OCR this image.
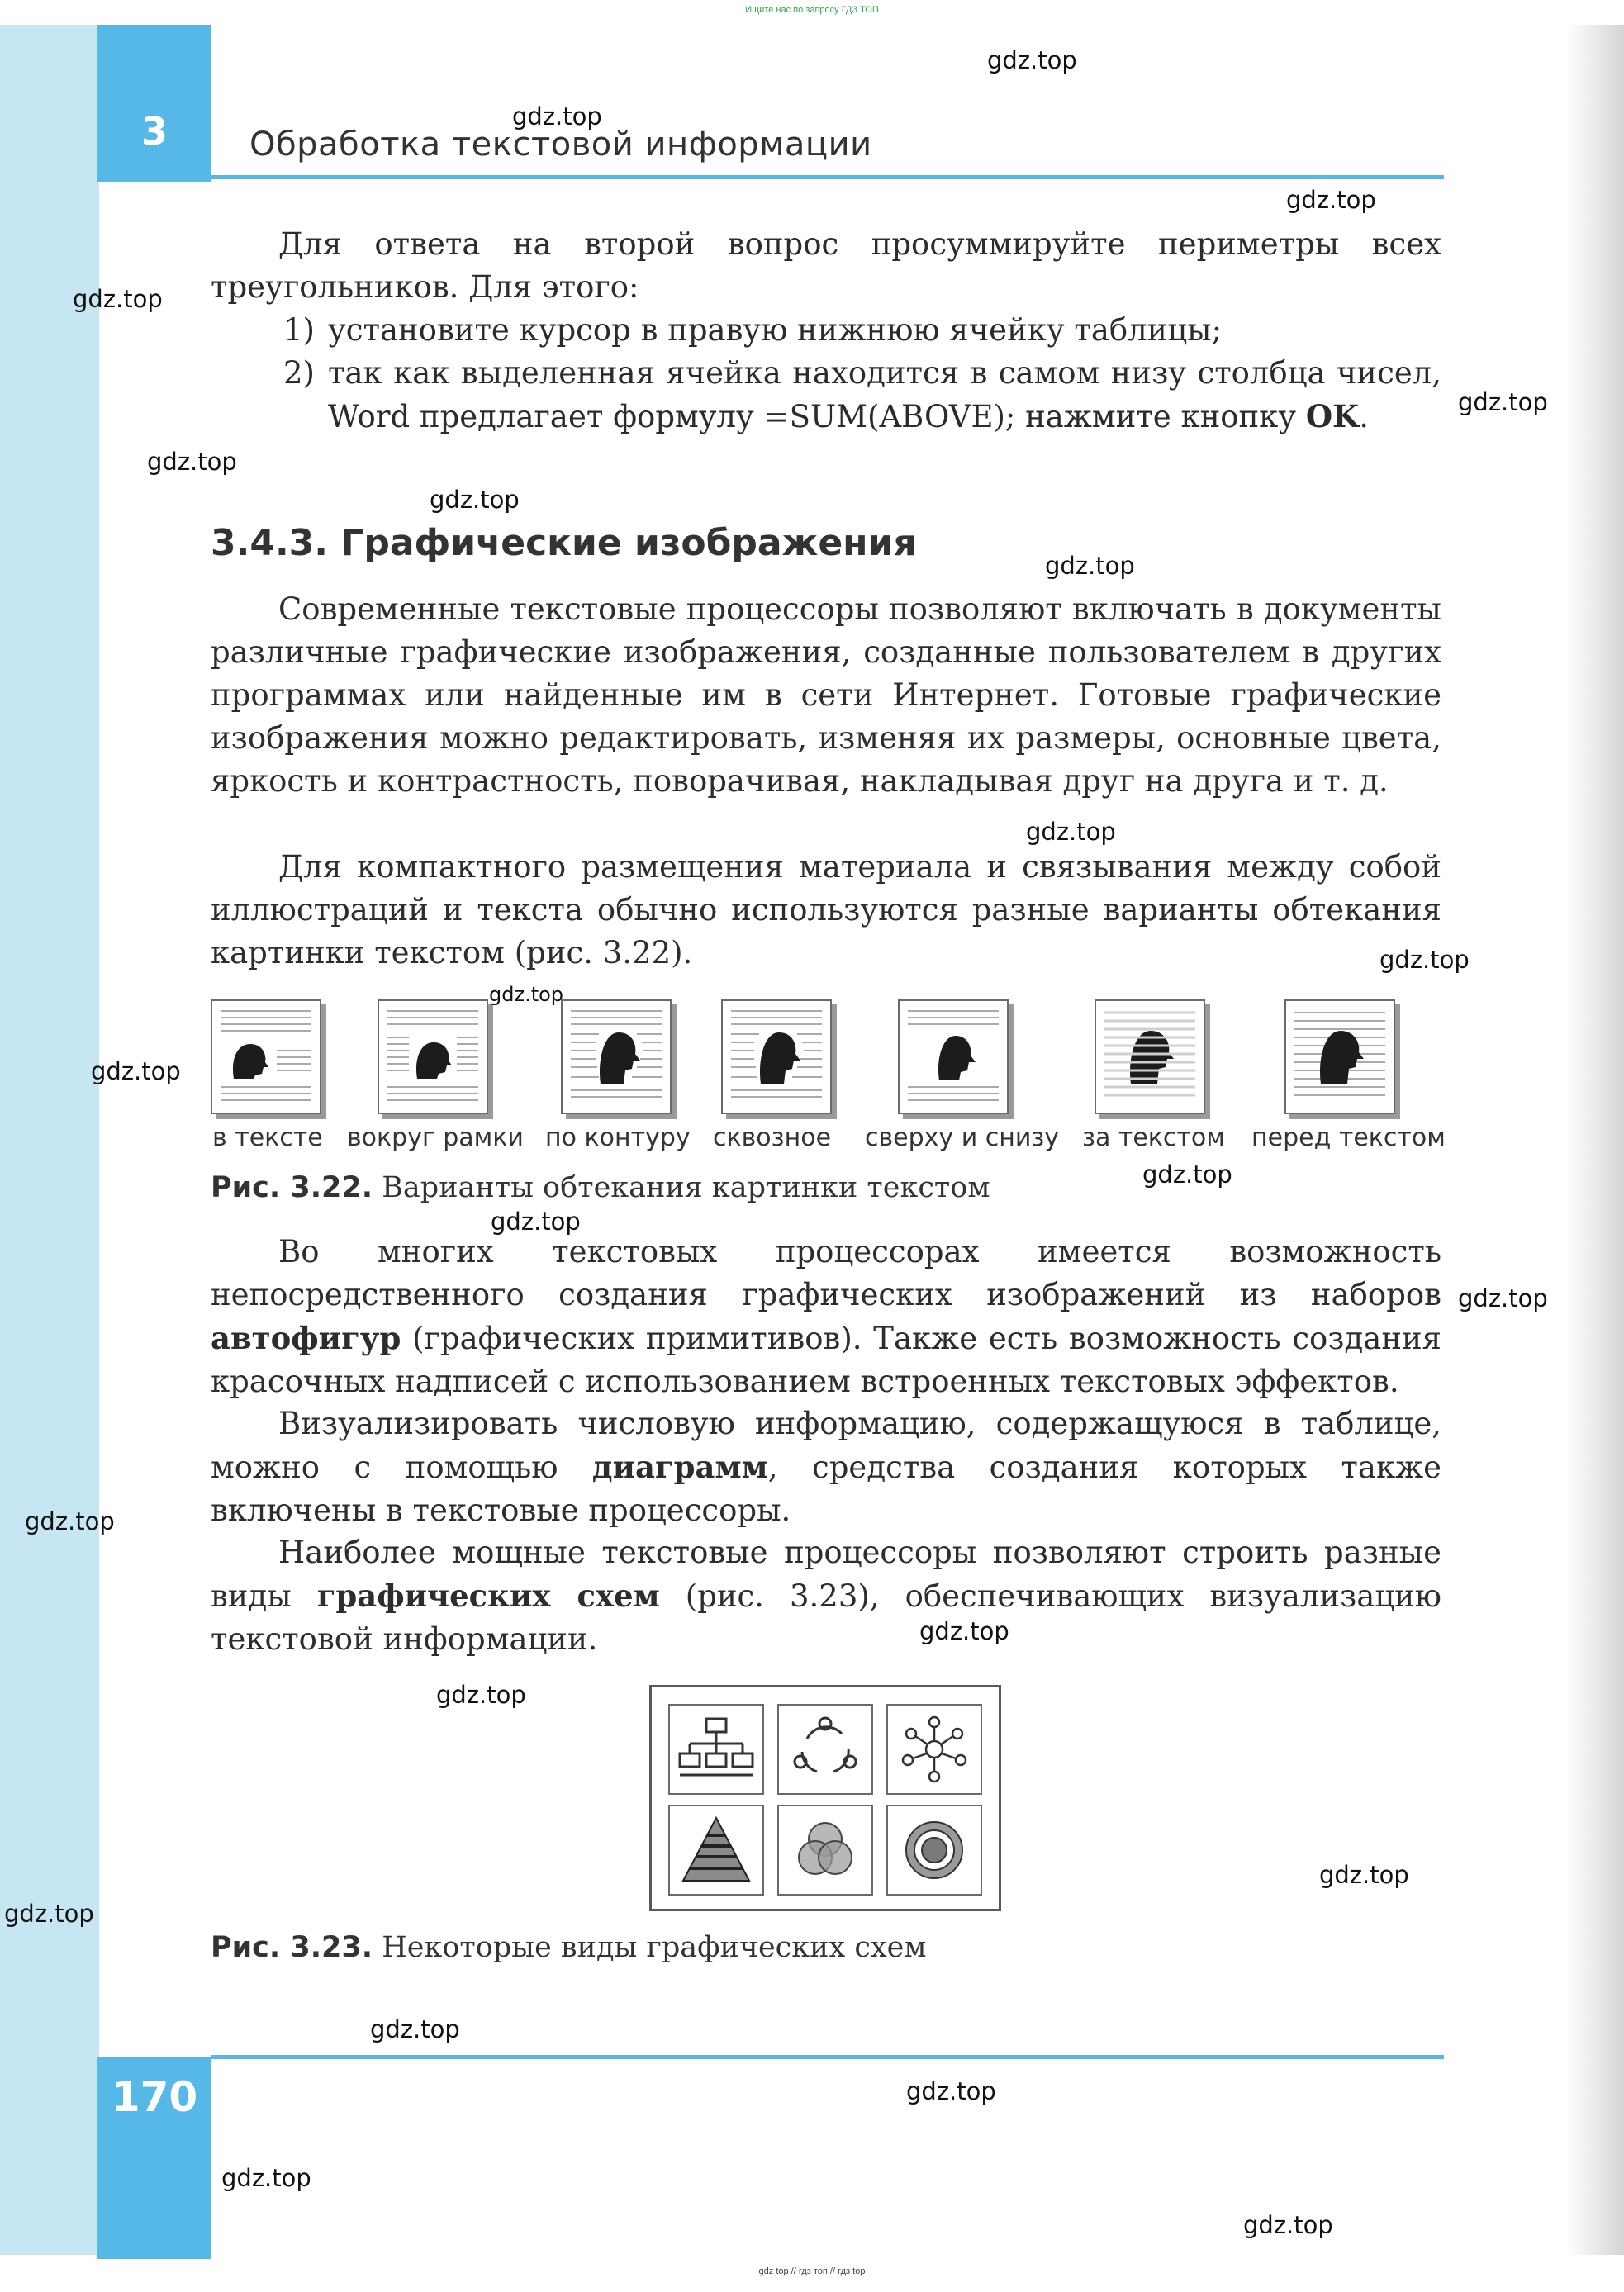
Ищите нас по запросу ГДЗ ТОП
gdz top // гдз топ // гдз top
3	Обработка текстовой информации
Для ответа на второй вопрос просуммируйте периметры всех треугольников. Для этого:
1) установите курсор в правую нижнюю ячейку таблицы;
2) так как выделенная ячейка находится в самом низу столбца чисел, Word предлагает формулу =SUM(ABOVE); нажмите кнопку OK.
3.4.3. Графические изображения
Современные текстовые процессоры позволяют включать в документы различные графические изображения, созданные пользователем в других программах или найденные им в сети Интернет. Готовые графические изображения можно редактировать, изменяя их размеры, основные цвета, яркость и контрастность, поворачивая, накладывая друг на друга и т. д.
Для компактного размещения материала и связывания между собой иллюстраций и текста обычно используются разные варианты обтекания картинки текстом (рис. 3.22).
в тексте вокруг рамки по контуру сквозное сверху и снизу за текстом перед текстом
Рис. 3.22. Варианты обтекания картинки текстом
Во многих текстовых процессорах имеется возможность непосредственного создания графических изображений из наборов автофигур (графических примитивов). Также есть возможность создания красочных надписей с использованием встроенных текстовых эффектов.
Визуализировать числовую информацию, содержащуюся в таблице, можно с помощью диаграмм, средства создания которых также включены в текстовые процессоры.
Наиболее мощные текстовые процессоры позволяют строить разные виды графических схем (рис. 3.23), обеспечивающих визуализацию текстовой информации.
Рис. 3.23. Некоторые виды графических схем
170
gdz.top
gdz.top
gdz.top
gdz.top
gdz.top
gdz.top
gdz.top
gdz.top
gdz.top
gdz.top
gdz.top
gdz.top
gdz.top
gdz.top
gdz.top
gdz.top
gdz.top
gdz.top
gdz.top
gdz.top
gdz.top
gdz.top
gdz.top
gdz.top
